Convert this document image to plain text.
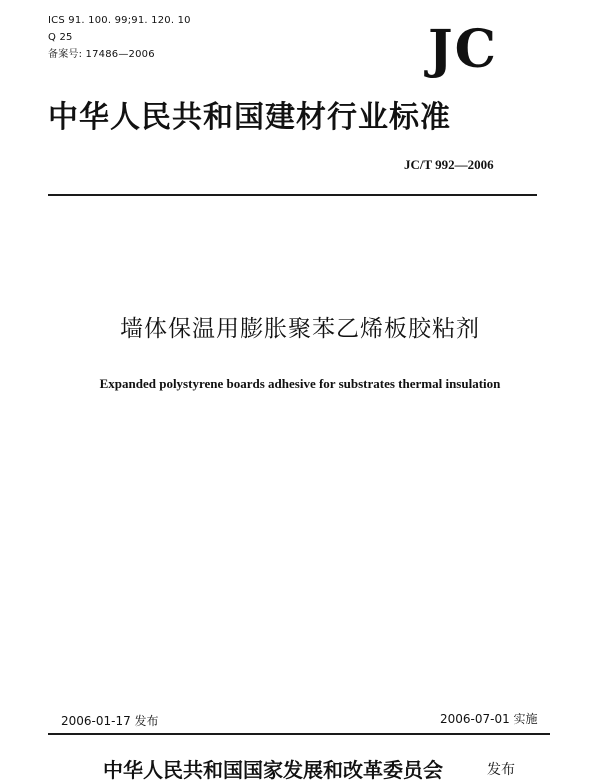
ICS 91. 100. 99;91. 120. 10
Q 25
备案号: 17486—2006	JC
中华人民共和国建材行业标准
JC/T 992—2006
墙体保温用膨胀聚苯乙烯板胶粘剂
Expanded polystyrene boards adhesive for substrates thermal insulation
2006-01-17 发布	2006-07-01 实施
中华人民共和国国家发展和改革委员会	发布
